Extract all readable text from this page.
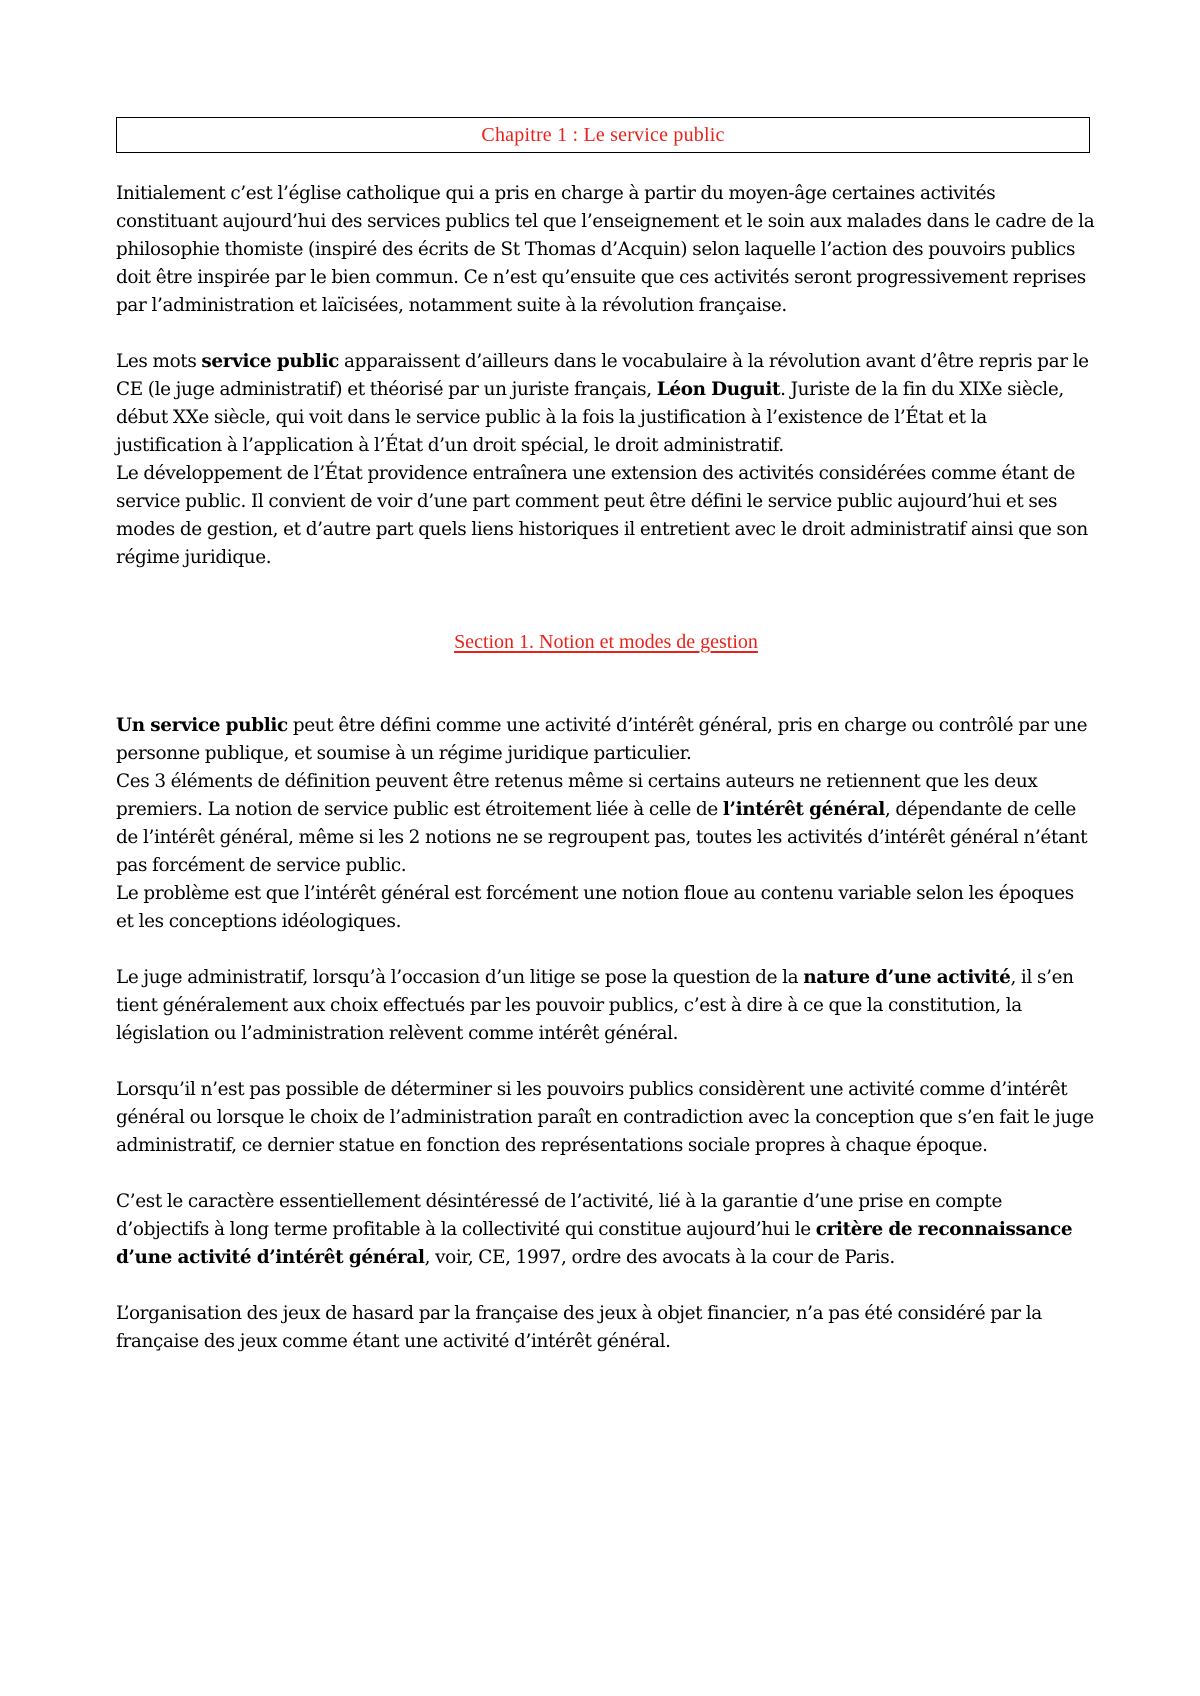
Chapitre 1 : Le service public

Initialement c’est l’église catholique qui a pris en charge à partir du moyen-âge certaines activités constituant aujourd’hui des services publics tel que l’enseignement et le soin aux malades dans le cadre de la philosophie thomiste (inspiré des écrits de St Thomas d’Acquin) selon laquelle l’action des pouvoirs publics doit être inspirée par le bien commun. Ce n’est qu’ensuite que ces activités seront progressivement reprises par l’administration et laïcisées, notamment suite à la révolution française.

Les mots service public apparaissent d’ailleurs dans le vocabulaire à la révolution avant d’être repris par le CE (le juge administratif) et théorisé par un juriste français, Léon Duguit. Juriste de la fin du XIXe siècle, début XXe siècle, qui voit dans le service public à la fois la justification à l’existence de l’État et la justification à l’application à l’État d’un droit spécial, le droit administratif.

Le développement de l’État providence entraînera une extension des activités considérées comme étant de service public. Il convient de voir d’une part comment peut être défini le service public aujourd’hui et ses modes de gestion, et d’autre part quels liens historiques il entretient avec le droit administratif ainsi que son régime juridique.

Section 1. Notion et modes de gestion

Un service public peut être défini comme une activité d’intérêt général, pris en charge ou contrôlé par une personne publique, et soumise à un régime juridique particulier.

Ces 3 éléments de définition peuvent être retenus même si certains auteurs ne retiennent que les deux premiers. La notion de service public est étroitement liée à celle de l’intérêt général, dépendante de celle de l’intérêt général, même si les 2 notions ne se regroupent pas, toutes les activités d’intérêt général n’étant pas forcément de service public.

Le problème est que l’intérêt général est forcément une notion floue au contenu variable selon les époques et les conceptions idéologiques.

Le juge administratif, lorsqu’à l’occasion d’un litige se pose la question de la nature d’une activité, il s’en tient généralement aux choix effectués par les pouvoir publics, c’est à dire à ce que la constitution, la législation ou l’administration relèvent comme intérêt général.

Lorsqu’il n’est pas possible de déterminer si les pouvoirs publics considèrent une activité comme d’intérêt général ou lorsque le choix de l’administration paraît en contradiction avec la conception que s’en fait le juge administratif, ce dernier statue en fonction des représentations sociale propres à chaque époque.

C’est le caractère essentiellement désintéressé de l’activité, lié à la garantie d’une prise en compte d’objectifs à long terme profitable à la collectivité qui constitue aujourd’hui le critère de reconnaissance d’une activité d’intérêt général, voir, CE, 1997, ordre des avocats à la cour de Paris.

L’organisation des jeux de hasard par la française des jeux à objet financier, n’a pas été considéré par la française des jeux comme étant une activité d’intérêt général.
